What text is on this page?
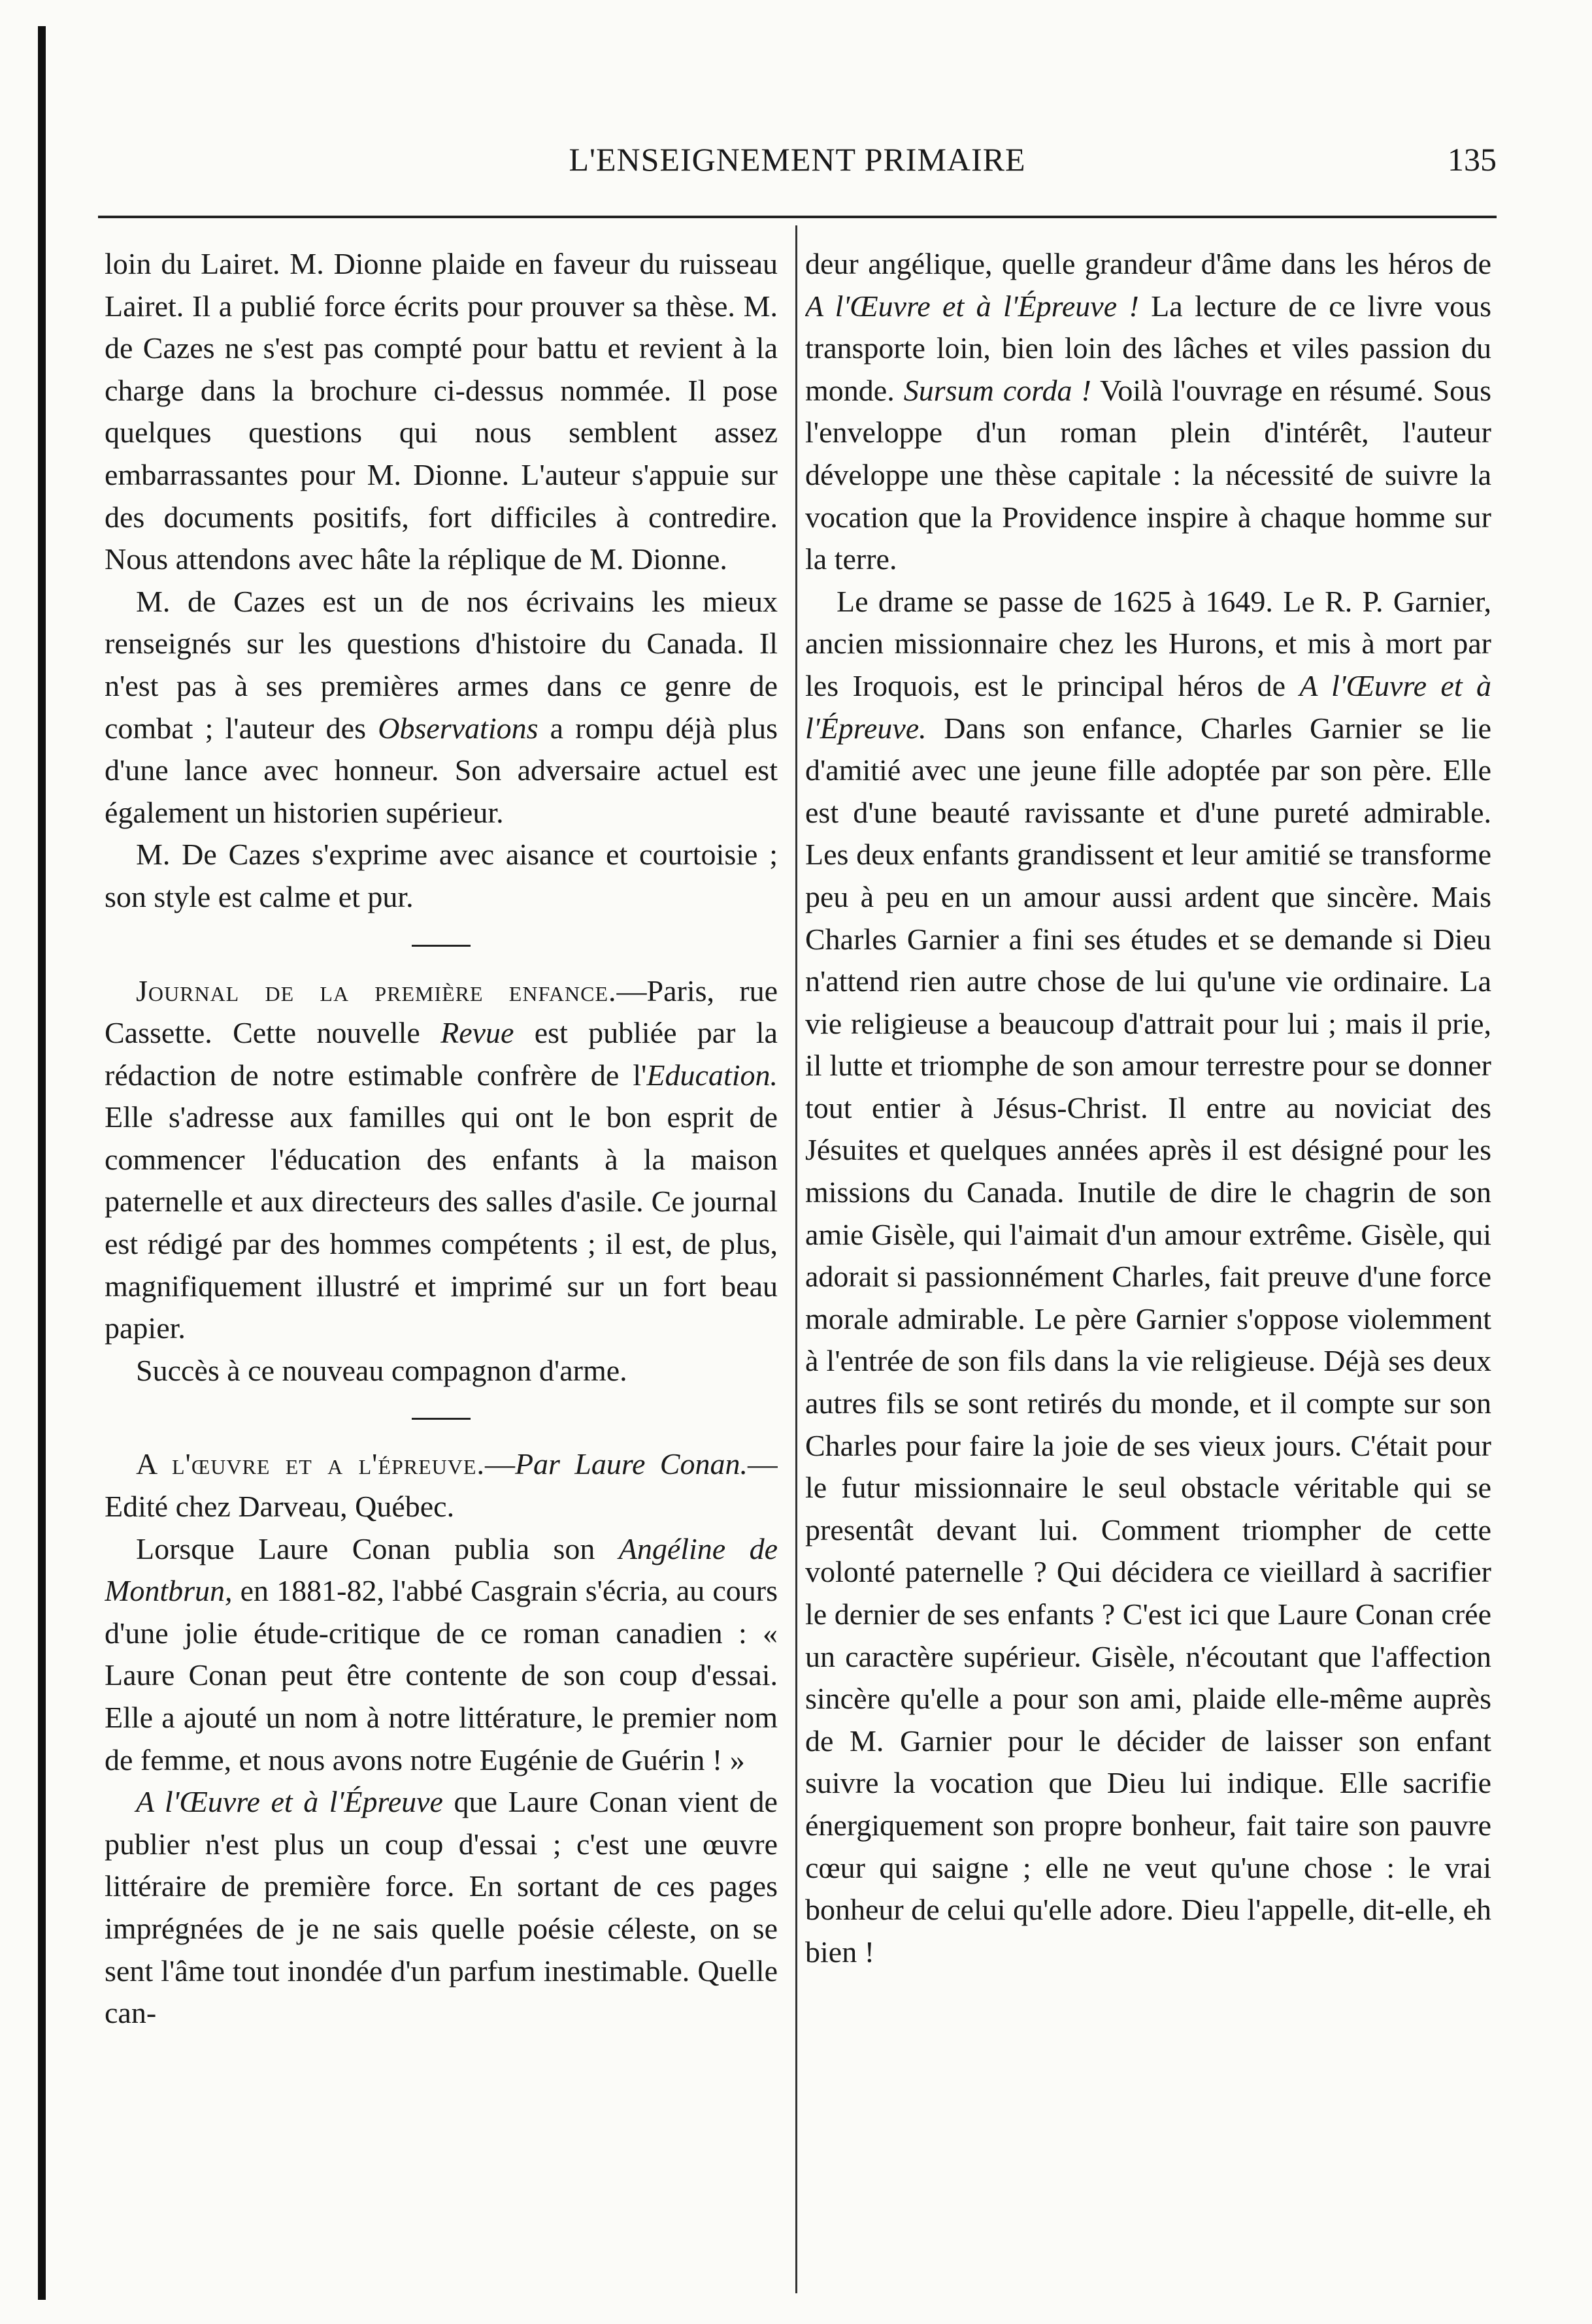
L'ENSEIGNEMENT PRIMAIRE	135

loin du Lairet. M. Dionne plaide en faveur du ruisseau Lairet. Il a publié force écrits pour prouver sa thèse. M. de Cazes ne s'est pas compté pour battu et revient à la charge dans la brochure ci-dessus nommée. Il pose quelques questions qui nous semblent assez embarrassantes pour M. Dionne. L'auteur s'appuie sur des documents positifs, fort difficiles à contredire. Nous attendons avec hâte la réplique de M. Dionne.

M. de Cazes est un de nos écrivains les mieux renseignés sur les questions d'histoire du Canada. Il n'est pas à ses premières armes dans ce genre de combat ; l'auteur des Observations a rompu déjà plus d'une lance avec honneur. Son adversaire actuel est également un historien supérieur.

M. De Cazes s'exprime avec aisance et courtoisie ; son style est calme et pur.

Journal de la première enfance.—Paris, rue Cassette. Cette nouvelle Revue est publiée par la rédaction de notre estimable confrère de l'Education. Elle s'adresse aux familles qui ont le bon esprit de commencer l'éducation des enfants à la maison paternelle et aux directeurs des salles d'asile. Ce journal est rédigé par des hommes compétents ; il est, de plus, magnifiquement illustré et imprimé sur un fort beau papier.

Succès à ce nouveau compagnon d'arme.

A l'œuvre et a l'épreuve.—Par Laure Conan.—Edité chez Darveau, Québec.

Lorsque Laure Conan publia son Angéline de Montbrun, en 1881-82, l'abbé Casgrain s'écria, au cours d'une jolie étude-critique de ce roman canadien : « Laure Conan peut être contente de son coup d'essai. Elle a ajouté un nom à notre littérature, le premier nom de femme, et nous avons notre Eugénie de Guérin ! »

A l'Œuvre et à l'Épreuve que Laure Conan vient de publier n'est plus un coup d'essai ; c'est une œuvre littéraire de première force. En sortant de ces pages imprégnées de je ne sais quelle poésie céleste, on se sent l'âme tout inondée d'un parfum inestimable. Quelle can-

deur angélique, quelle grandeur d'âme dans les héros de A l'Œuvre et à l'Épreuve ! La lecture de ce livre vous transporte loin, bien loin des lâches et viles passion du monde. Sursum corda ! Voilà l'ouvrage en résumé. Sous l'enveloppe d'un roman plein d'intérêt, l'auteur développe une thèse capitale : la nécessité de suivre la vocation que la Providence inspire à chaque homme sur la terre.

Le drame se passe de 1625 à 1649. Le R. P. Garnier, ancien missionnaire chez les Hurons, et mis à mort par les Iroquois, est le principal héros de A l'Œuvre et à l'Épreuve. Dans son enfance, Charles Garnier se lie d'amitié avec une jeune fille adoptée par son père. Elle est d'une beauté ravissante et d'une pureté admirable. Les deux enfants grandissent et leur amitié se transforme peu à peu en un amour aussi ardent que sincère. Mais Charles Garnier a fini ses études et se demande si Dieu n'attend rien autre chose de lui qu'une vie ordinaire. La vie religieuse a beaucoup d'attrait pour lui ; mais il prie, il lutte et triomphe de son amour terrestre pour se donner tout entier à Jésus-Christ. Il entre au noviciat des Jésuites et quelques années après il est désigné pour les missions du Canada. Inutile de dire le chagrin de son amie Gisèle, qui l'aimait d'un amour extrême. Gisèle, qui adorait si passionnément Charles, fait preuve d'une force morale admirable. Le père Garnier s'oppose violemment à l'entrée de son fils dans la vie religieuse. Déjà ses deux autres fils se sont retirés du monde, et il compte sur son Charles pour faire la joie de ses vieux jours. C'était pour le futur missionnaire le seul obstacle véritable qui se presentât devant lui. Comment triompher de cette volonté paternelle ? Qui décidera ce vieillard à sacrifier le dernier de ses enfants ? C'est ici que Laure Conan crée un caractère supérieur. Gisèle, n'écoutant que l'affection sincère qu'elle a pour son ami, plaide elle-même auprès de M. Garnier pour le décider de laisser son enfant suivre la vocation que Dieu lui indique. Elle sacrifie énergiquement son propre bonheur, fait taire son pauvre cœur qui saigne ; elle ne veut qu'une chose : le vrai bonheur de celui qu'elle adore. Dieu l'appelle, dit-elle, eh bien !
